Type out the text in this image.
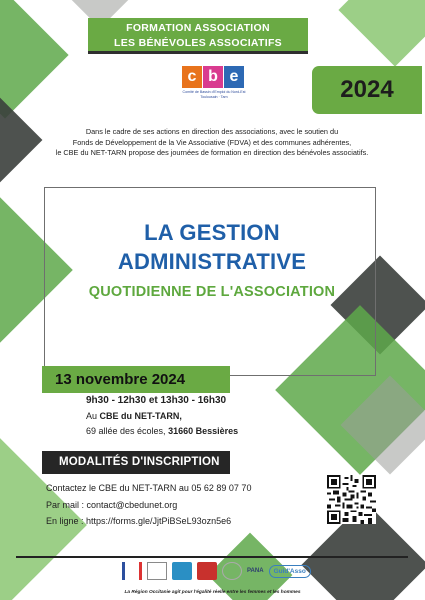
FORMATION ASSOCIATION
LES BÉNÉVOLES ASSOCIATIFS
c b e
Comité de Bassin d'Emploi du Nord-Est Toulousain · Tarn	2024
Dans le cadre de ses actions en direction des associations, avec le soutien du
Fonds de Développement de la Vie Associative (FDVA) et des communes adhérentes,
le CBE du NET-TARN propose des journées de formation en direction des bénévoles associatifs.
LA GESTION
ADMINISTRATIVE
QUOTIDIENNE DE L'ASSOCIATION
13 novembre 2024
9h30 - 12h30 et 13h30 - 16h30
Au CBE du NET-TARN,
69 allée des écoles, 31660 Bessières
MODALITÉS D'INSCRIPTION
Contactez le CBE du NET-TARN au 05 62 89 07 70
Par mail : contact@cbedunet.org
En ligne : https://forms.gle/JjtPiBSeL93ozn5e6
PANA	Guid'Asso
La Région Occitanie agit pour l'égalité réelle entre les femmes et les hommes
